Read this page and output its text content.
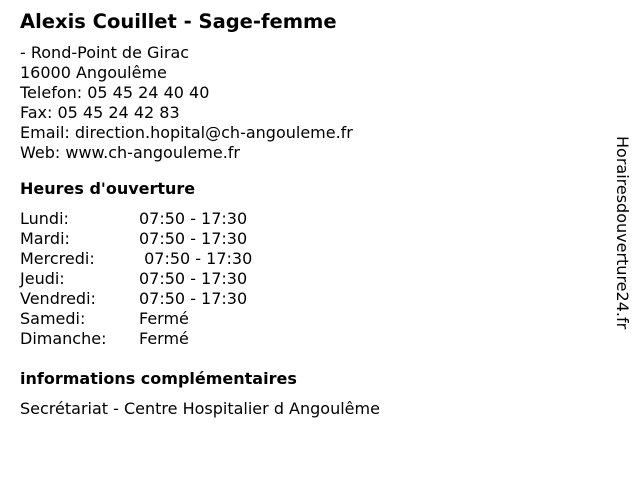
Alexis Couillet - Sage-femme
- Rond-Point de Girac
16000 Angoulême
Telefon: 05 45 24 40 40
Fax: 05 45 24 42 83
Email: direction.hopital@ch-angouleme.fr
Web: www.ch-angouleme.fr
Heures d'ouverture
Lundi:	07:50 - 17:30
Mardi:	07:50 - 17:30
Mercredi:	07:50 - 17:30
Jeudi:	07:50 - 17:30
Vendredi:	07:50 - 17:30
Samedi:	Fermé
Dimanche:	Fermé
informations complémentaires
Secrétariat - Centre Hospitalier d Angoulême
Horairesdouverture24.fr
